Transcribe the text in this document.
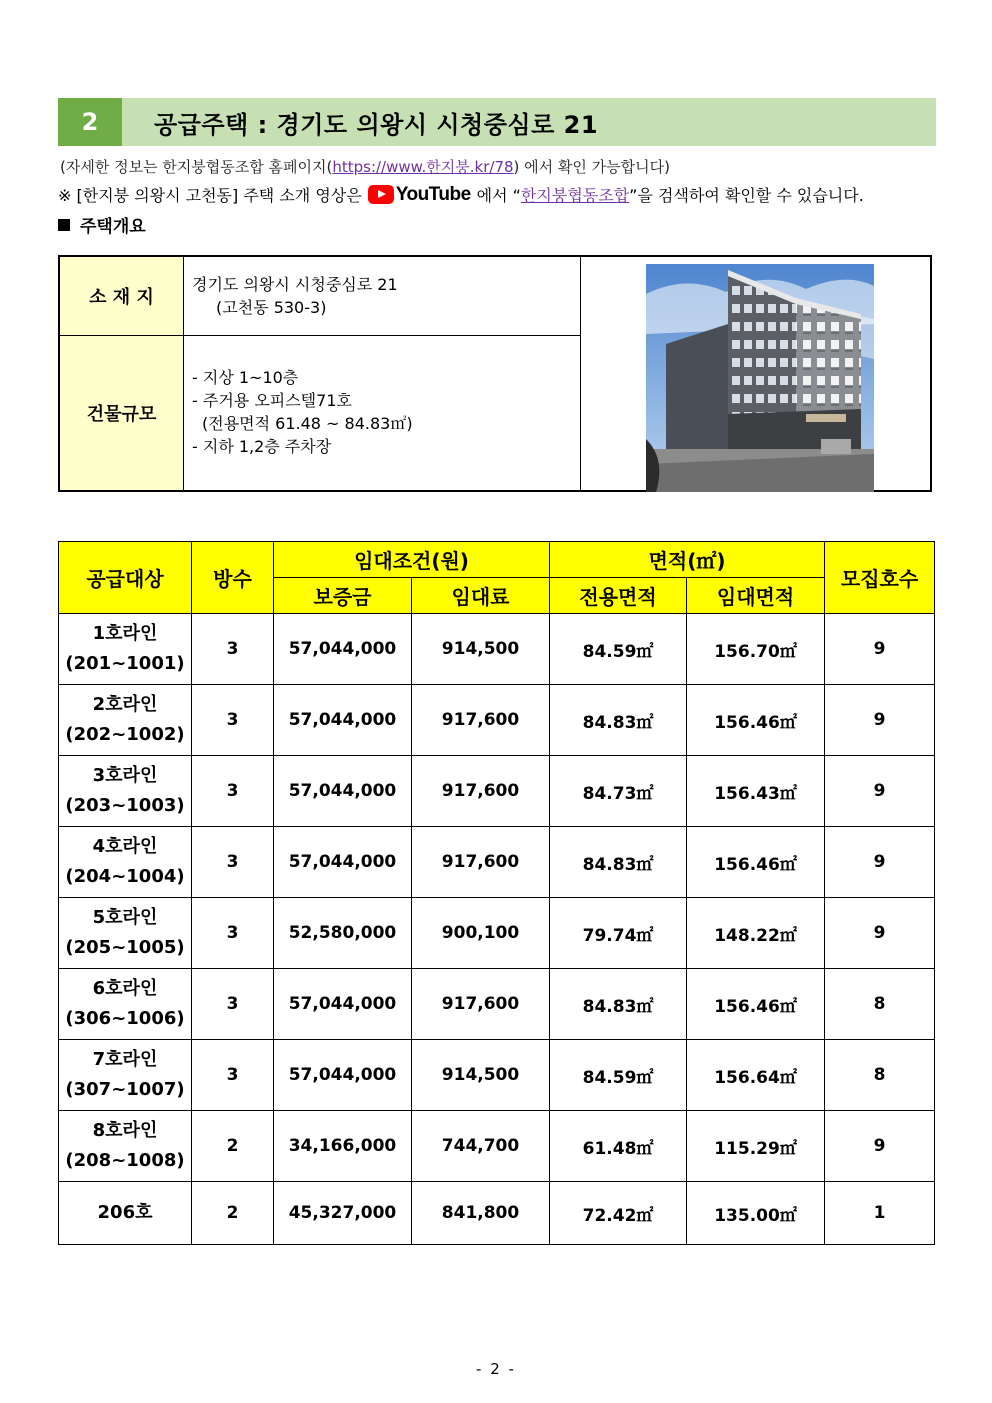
2	공급주택 : 경기도 의왕시 시청중심로 21
(자세한 정보는 한지붕협동조합 홈페이지(https://www.한지붕.kr/78) 에서 확인 가능합니다)
※ [한지붕 의왕시 고천동] 주택 소개 영상은 YouTube 에서 “ 한지붕협동조합 ”을 검색하여 확인할 수 있습니다.
주택개요
소 재 지
경기도 의왕시 시청중심로 21
(고천동 530-3)
건물규모
- 지상 1~10층
- 주거용 오피스텔71호
(전용면적 61.48 ~ 84.83㎡)
- 지하 1,2층 주차장
공급대상	방수	임대조건(원)		면적(㎡)		모집호수
		보증금	임대료	전용면적	임대면적	

1호라인
(201~1001)	3	57,044,000	914,500	84.59㎡	156.70㎡	9

2호라인
(202~1002)	3	57,044,000	917,600	84.83㎡	156.46㎡	9

3호라인
(203~1003)	3	57,044,000	917,600	84.73㎡	156.43㎡	9

4호라인
(204~1004)	3	57,044,000	917,600	84.83㎡	156.46㎡	9

5호라인
(205~1005)	3	52,580,000	900,100	79.74㎡	148.22㎡	9

6호라인
(306~1006)	3	57,044,000	917,600	84.83㎡	156.46㎡	8

7호라인
(307~1007)	3	57,044,000	914,500	84.59㎡	156.64㎡	8

8호라인
(208~1008)	2	34,166,000	744,700	61.48㎡	115.29㎡	9

206호	2	45,327,000	841,800	72.42㎡	135.00㎡	1
- 2 -
